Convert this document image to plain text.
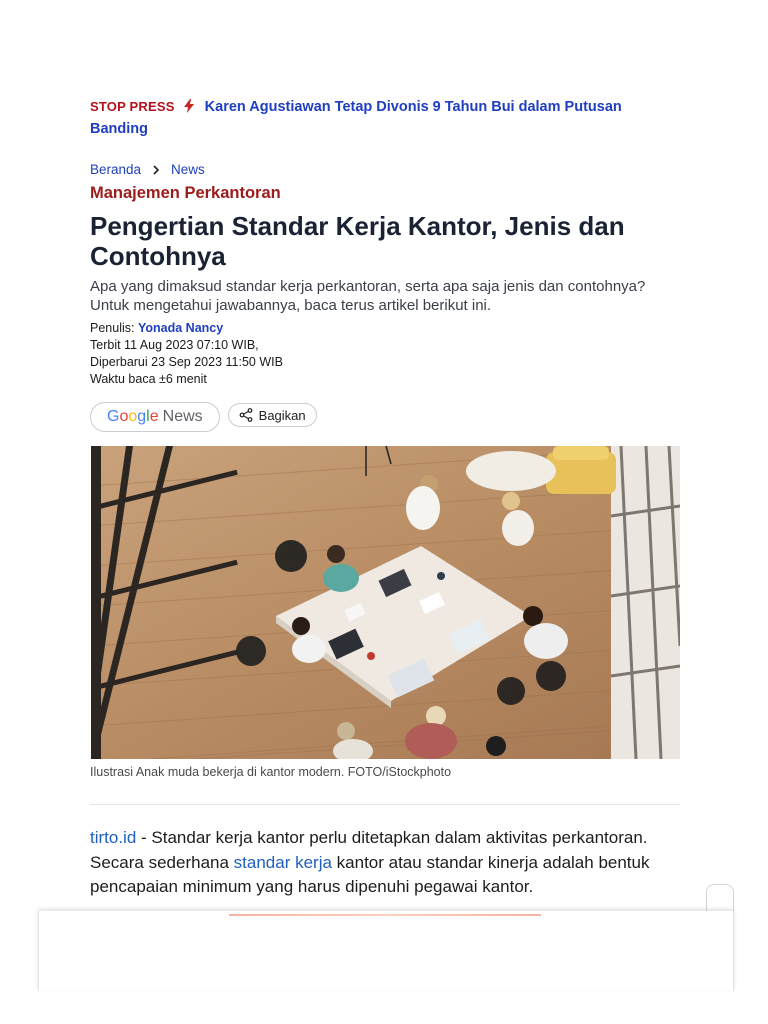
STOP PRESS Karen Agustiawan Tetap Divonis 9 Tahun Bui dalam Putusan Banding
Beranda News
Manajemen Perkantoran
Pengertian Standar Kerja Kantor, Jenis dan Contohnya
Apa yang dimaksud standar kerja perkantoran, serta apa saja jenis dan contohnya? Untuk mengetahui jawabannya, baca terus artikel berikut ini.
Penulis: Yonada Nancy
Terbit 11 Aug 2023 07:10 WIB,
Diperbarui 23 Sep 2023 11:50 WIB
Waktu baca ±6 menit
Google News	Bagikan
Ilustrasi Anak muda bekerja di kantor modern. FOTO/iStockphoto
tirto.id - Standar kerja kantor perlu ditetapkan dalam aktivitas perkantoran. Secara sederhana standar kerja kantor atau standar kinerja adalah bentuk pencapaian minimum yang harus dipenuhi pegawai kantor.
